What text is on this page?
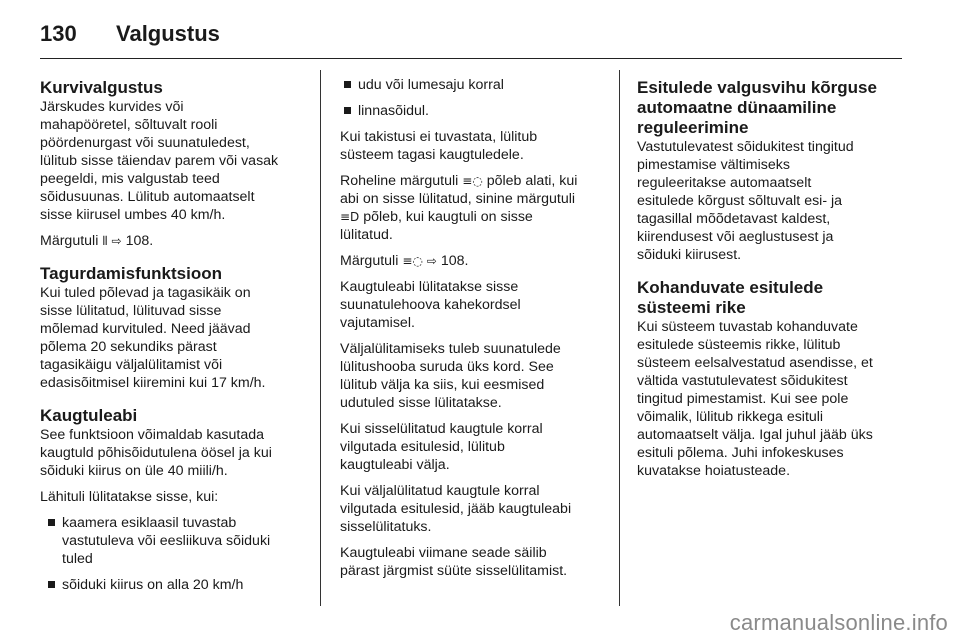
130	Valgustus
Kurvivalgustus

Järskudes kurvides või
mahapööretel, sõltuvalt rooli
pöördenurgast või suunatuledest,
lülitub sisse täiendav parem või vasak
peegeldi, mis valgustab teed
sõidusuunas. Lülitub automaatselt
sisse kiirusel umbes 40 km/h.

Märgutuli ⦀ ⇨ 108.

Tagurdamisfunktsioon

Kui tuled põlevad ja tagasikäik on
sisse lülitatud, lülituvad sisse
mõlemad kurvituled. Need jäävad
põlema 20 sekundiks pärast
tagasikäigu väljalülitamist või
edasisõitmisel kiiremini kui 17 km/h.

Kaugtuleabi

See funktsioon võimaldab kasutada
kaugtuld põhisõidutulena öösel ja kui
sõiduki kiirus on üle 40 miili/h.

Lähituli lülitatakse sisse, kui:

kaamera esiklaasil tuvastab
vastutuleva või eesliikuva sõiduki
tuled
sõiduki kiirus on alla 20 km/h
udu või lumesaju korral
linnasõidul.

Kui takistusi ei tuvastata, lülitub
süsteem tagasi kaugtuledele.

Roheline märgutuli ≡◌ põleb alati, kui
abi on sisse lülitatud, sinine märgutuli
≡D põleb, kui kaugtuli on sisse
lülitatud.

Märgutuli ≡◌ ⇨ 108.

Kaugtuleabi lülitatakse sisse
suunatulehoova kahekordsel
vajutamisel.

Väljalülitamiseks tuleb suunatulede
lülitushooba suruda üks kord. See
lülitub välja ka siis, kui eesmised
udutuled sisse lülitatakse.

Kui sisselülitatud kaugtule korral
vilgutada esitulesid, lülitub
kaugtuleabi välja.

Kui väljalülitatud kaugtule korral
vilgutada esitulesid, jääb kaugtuleabi
sisselülitatuks.

Kaugtuleabi viimane seade säilib
pärast järgmist süüte sisselülitamist.

Esitulede valgusvihu kõrguse
automaatne dünaamiline
reguleerimine

Vastutulevatest sõidukitest tingitud
pimestamise vältimiseks
reguleeritakse automaatselt
esitulede kõrgust sõltuvalt esi- ja
tagasillal mõõdetavast kaldest,
kiirendusest või aeglustusest ja
sõiduki kiirusest.

Kohanduvate esitulede
süsteemi rike

Kui süsteem tuvastab kohanduvate
esitulede süsteemis rikke, lülitub
süsteem eelsalvestatud asendisse, et
vältida vastutulevatest sõidukitest
tingitud pimestamist. Kui see pole
võimalik, lülitub rikkega esituli
automaatselt välja. Igal juhul jääb üks
esituli põlema. Juhi infokeskuses
kuvatakse hoiatusteade.

carmanualsonline.info
